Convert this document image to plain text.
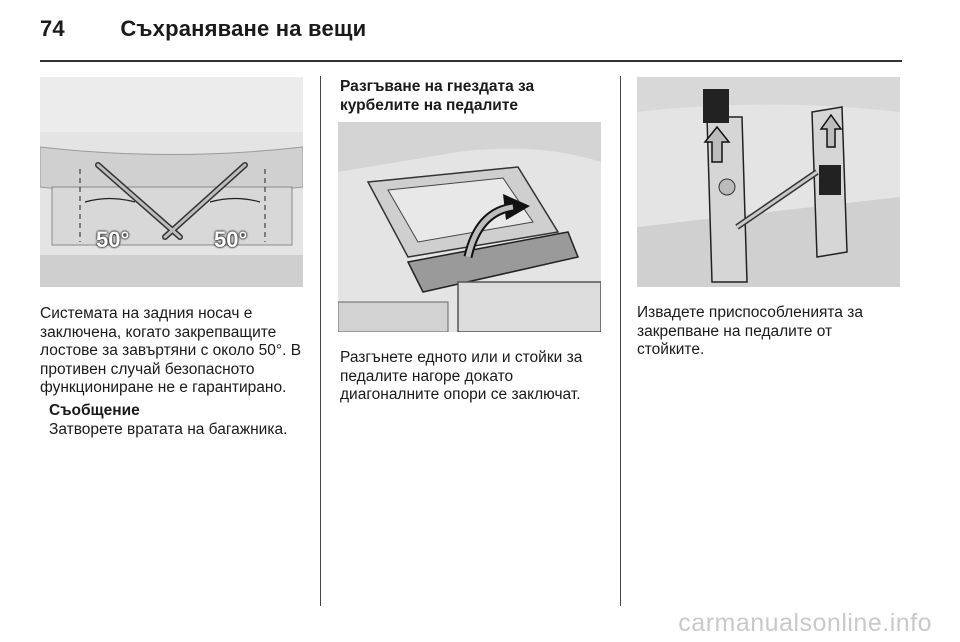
74	Съхраняване на вещи
50°	50°
Системата на задния носач е заключена, когато закрепващите лостове за завъртяни с около 50°. В противен случай безопасното функциониране не е гарантирано.
Съобщение
Затворете вратата на багажника.
Разгъване на гнездата за курбелите на педалите
Разгънете едното или и стойки за педалите нагоре докато диагоналните опори се заключат.
Извадете приспособленията за закрепване на педалите от стойките.
carmanualsonline.info
